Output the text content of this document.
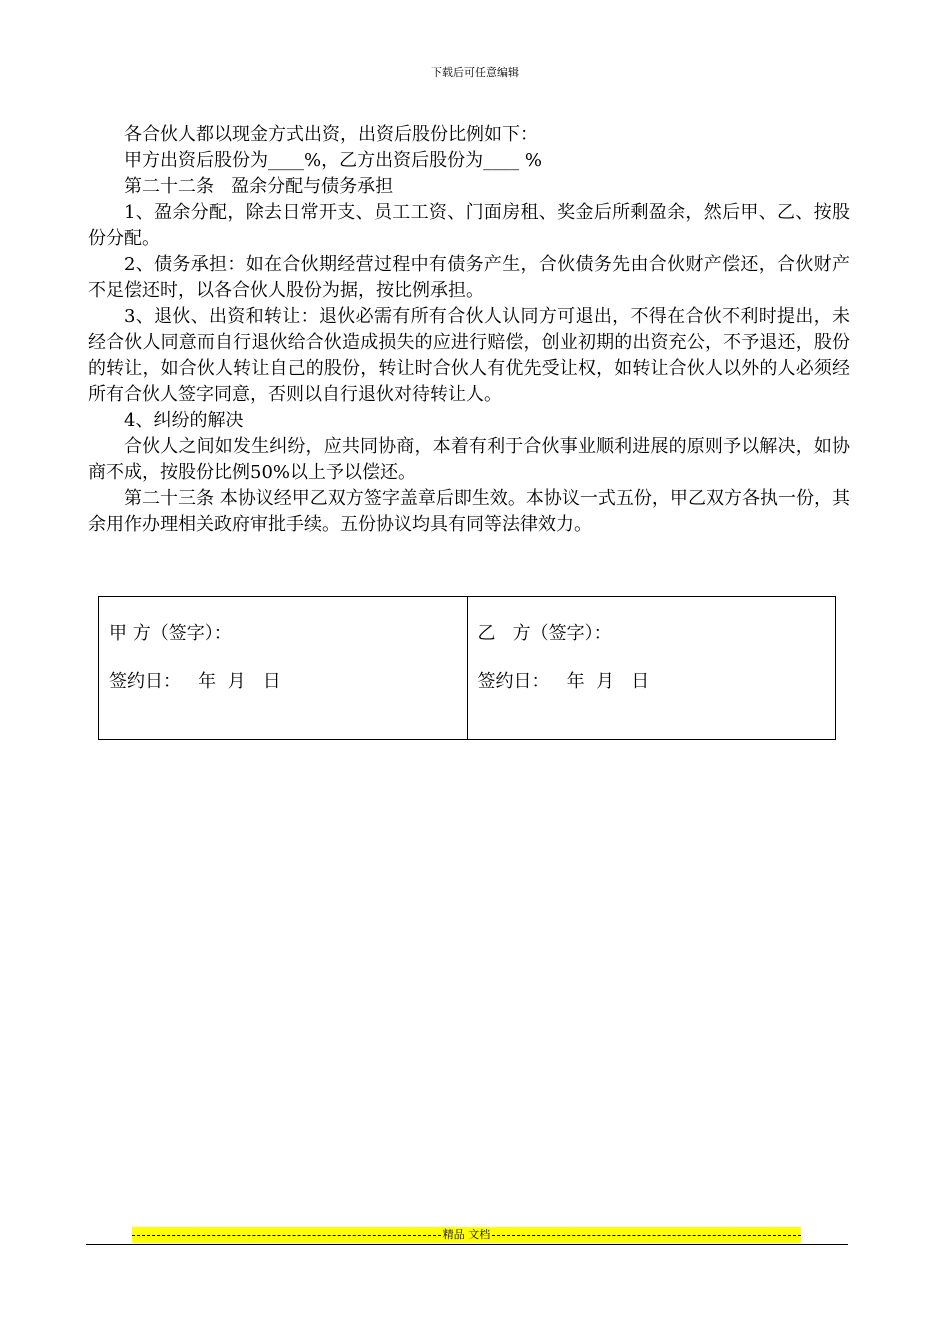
下载后可任意编辑

各合伙人都以现金方式出资，出资后股份比例如下：

甲方出资后股份为____%，乙方出资后股份为____ %

第二十二条   盈余分配与债务承担

1、盈余分配，除去日常开支、员工工资、门面房租、奖金后所剩盈余，然后甲、乙、按股份分配。

2、债务承担：如在合伙期经营过程中有债务产生，合伙债务先由合伙财产偿还，合伙财产不足偿还时，以各合伙人股份为据，按比例承担。

3、退伙、出资和转让：退伙必需有所有合伙人认同方可退出，不得在合伙不利时提出，未经合伙人同意而自行退伙给合伙造成损失的应进行赔偿，创业初期的出资充公，不予退还，股份的转让，如合伙人转让自己的股份，转让时合伙人有优先受让权，如转让合伙人以外的人必须经所有合伙人签字同意，否则以自行退伙对待转让人。

4、纠纷的解决

合伙人之间如发生纠纷，应共同协商，本着有利于合伙事业顺利进展的原则予以解决，如协商不成，按股份比例50%以上予以偿还。

第二十三条 本协议经甲乙双方签字盖章后即生效。本协议一式五份，甲乙双方各执一份，其余用作办理相关政府审批手续。五份协议均具有同等法律效力。

甲 方（签字）：
签约日：   年  月   日

乙   方（签字）：
签约日：   年  月   日
精品 文档
